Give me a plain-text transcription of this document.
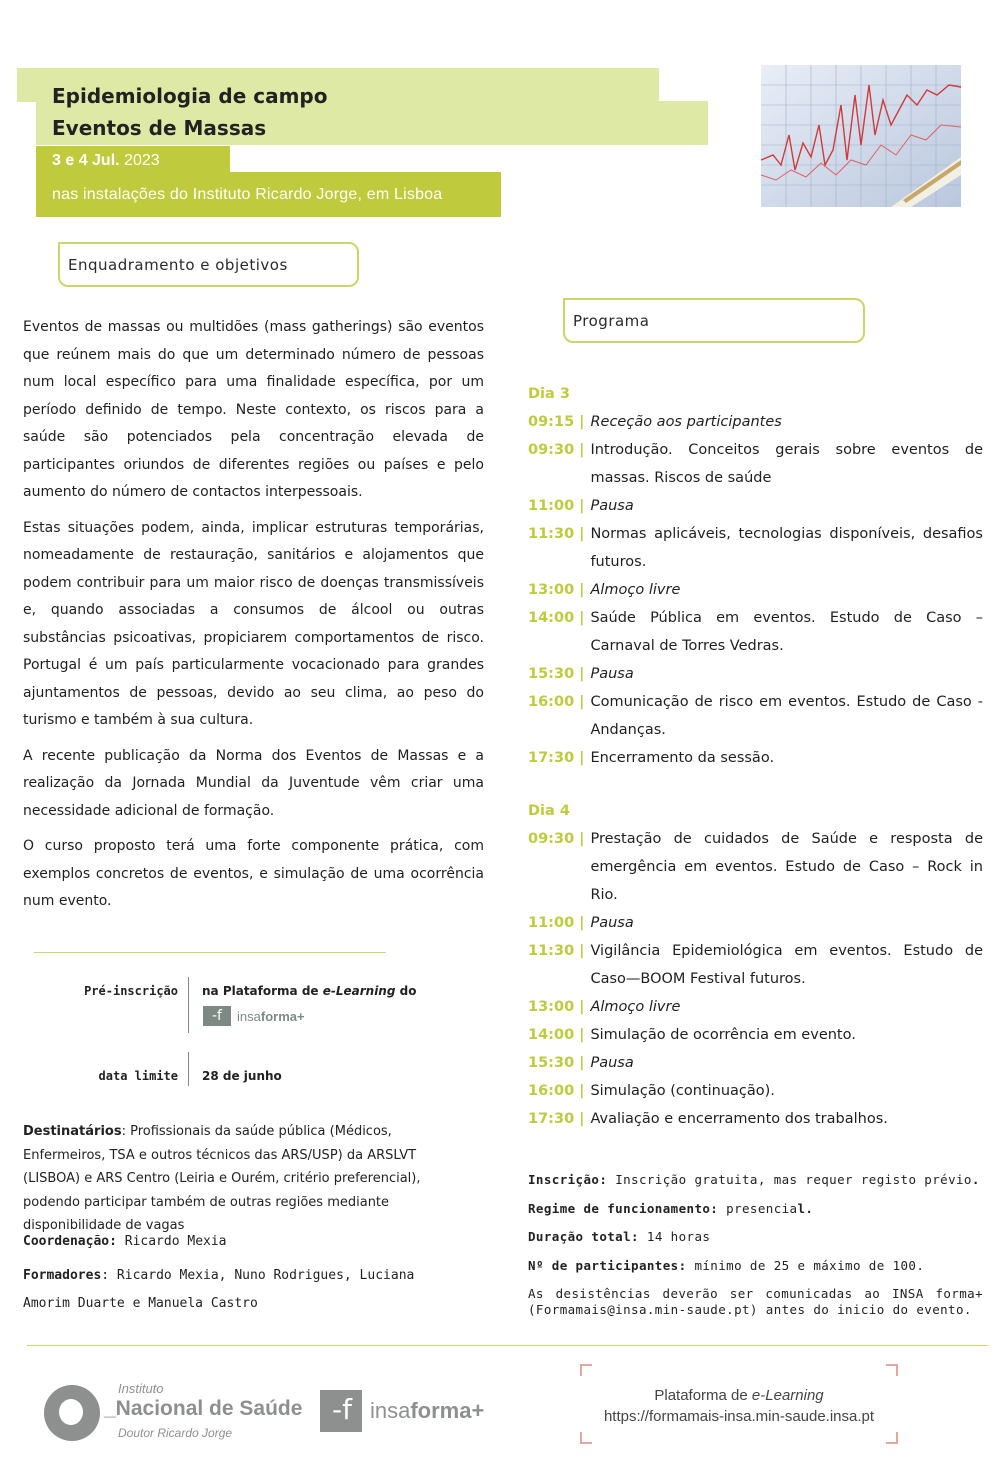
Epidemiologia de campo
Eventos de Massas
3 e 4 Jul. 2023
nas instalações do Instituto Ricardo Jorge, em Lisboa
Enquadramento e objetivos
Programa

Eventos de massas ou multidões (mass gatherings) são eventos que reúnem mais do que um determinado número de pessoas num local específico para uma finalidade específica, por um período definido de tempo. Neste contexto, os riscos para a saúde são potenciados pela concentração elevada de participantes oriundos de diferentes regiões ou países e pelo aumento do número de contactos interpessoais.

Estas situações podem, ainda, implicar estruturas temporárias, nomeadamente de restauração, sanitários e alojamentos que podem contribuir para um maior risco de doenças transmissíveis e, quando associadas a consumos de álcool ou outras substâncias psicoativas, propiciarem comportamentos de risco. Portugal é um país particularmente vocacionado para grandes ajuntamentos de pessoas, devido ao seu clima, ao peso do turismo e também à sua cultura.

A recente publicação da Norma dos Eventos de Massas e a realização da Jornada Mundial da Juventude vêm criar uma necessidade adicional de formação.

O curso proposto terá uma forte componente prática, com exemplos concretos de eventos, e simulação de uma ocorrência num evento.

Pré-inscrição na Plataforma de e-Learning do
-f insaforma+
data limite 28 de junho
Destinatários: Profissionais da saúde pública (Médicos, Enfermeiros, TSA e outros técnicos das ARS/USP) da ARSLVT (LISBOA) e ARS Centro (Leiria e Ourém, critério preferencial), podendo participar também de outras regiões mediante disponibilidade de vagas
Coordenação: Ricardo Mexia
Formadores: Ricardo Mexia, Nuno Rodrigues, Luciana Amorim Duarte e Manuela Castro
Dia 3
09:15 | Receção aos participantes
09:30 | Introdução. Conceitos gerais sobre eventos de massas. Riscos de saúde
11:00 | Pausa
11:30 | Normas aplicáveis, tecnologias disponíveis, desafios futuros.
13:00 | Almoço livre
14:00 | Saúde Pública em eventos. Estudo de Caso – Carnaval de Torres Vedras.
15:30 | Pausa
16:00 | Comunicação de risco em eventos. Estudo de Caso - Andanças.
17:30 | Encerramento da sessão.
Dia 4
09:30 | Prestação de cuidados de Saúde e resposta de emergência em eventos. Estudo de Caso – Rock in Rio.
11:00 | Pausa
11:30 | Vigilância Epidemiológica em eventos. Estudo de Caso—BOOM Festival futuros.
13:00 | Almoço livre
14:00 | Simulação de ocorrência em evento.
15:30 | Pausa
16:00 | Simulação (continuação).
17:30 | Avaliação e encerramento dos trabalhos.
Inscrição: Inscrição gratuita, mas requer registo prévio.
Regime de funcionamento: presencial.
Duração total: 14 horas
Nº de participantes: mínimo de 25 e máximo de 100.
As desistências deverão ser comunicadas ao INSA forma+ (Formamais@insa.min-saude.pt) antes do inicio do evento.
Instituto
_Nacional de Saúde
Doutor Ricardo Jorge
-f insaforma+
Plataforma de e-Learning
https://formamais-insa.min-saude.insa.pt
